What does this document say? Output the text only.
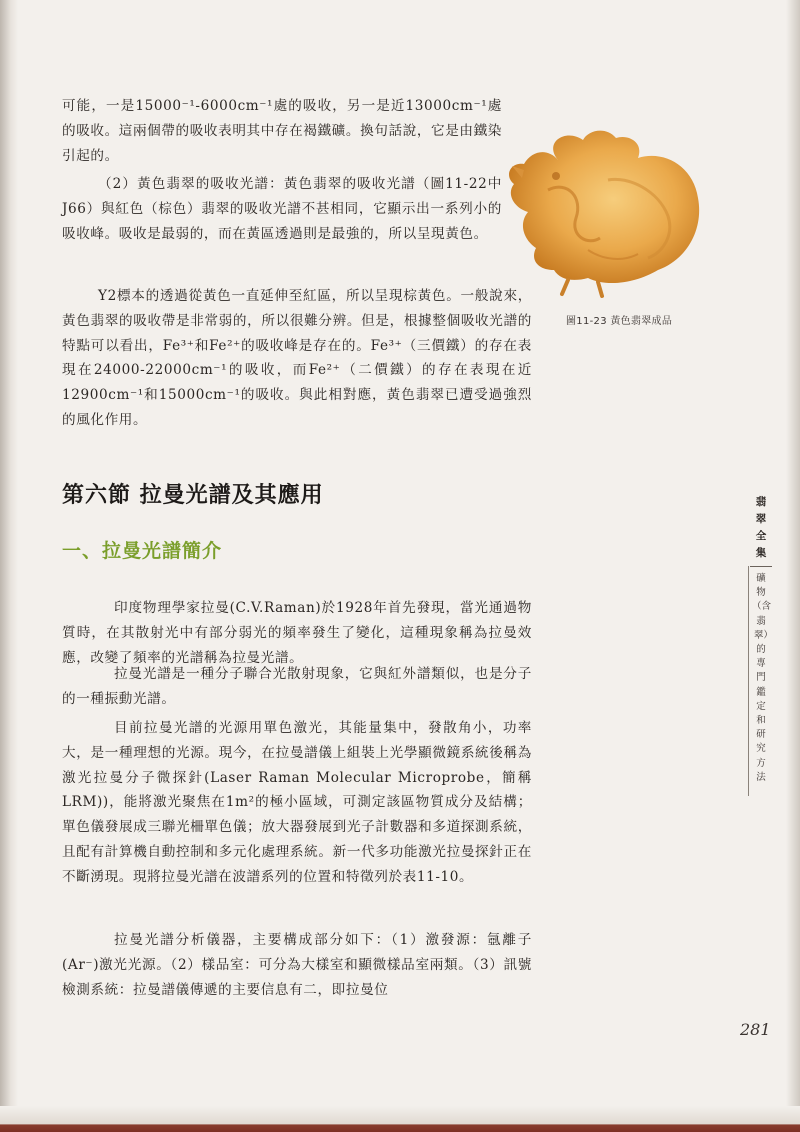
可能，一是15000⁻¹-6000cm⁻¹處的吸收，另一是近13000cm⁻¹處的吸收。這兩個帶的吸收表明其中存在褐鐵礦。換句話說，它是由鐵染引起的。

（2）黃色翡翠的吸收光譜：黃色翡翠的吸收光譜（圖11-22中J66）與紅色（棕色）翡翠的吸收光譜不甚相同，它顯示出一系列小的吸收峰。吸收是最弱的，而在黃區透過則是最強的，所以呈現黃色。

Y2標本的透過從黃色一直延伸至紅區，所以呈現棕黃色。一般說來，黃色翡翠的吸收帶是非常弱的，所以很難分辨。但是，根據整個吸收光譜的特點可以看出，Fe³⁺和Fe²⁺的吸收峰是存在的。Fe³⁺（三價鐵）的存在表現在24000-22000cm⁻¹的吸收，而Fe²⁺（二價鐵）的存在表現在近12900cm⁻¹和15000cm⁻¹的吸收。與此相對應，黃色翡翠已遭受過強烈的風化作用。

圖11-23 黃色翡翠成品

第六節 拉曼光譜及其應用
一、拉曼光譜簡介

印度物理學家拉曼(C.V.Raman)於1928年首先發現，當光通過物質時，在其散射光中有部分弱光的頻率發生了變化，這種現象稱為拉曼效應，改變了頻率的光譜稱為拉曼光譜。

拉曼光譜是一種分子聯合光散射現象，它與紅外譜類似，也是分子的一種振動光譜。

目前拉曼光譜的光源用單色激光，其能量集中，發散角小，功率大，是一種理想的光源。現今，在拉曼譜儀上組裝上光學顯微鏡系統後稱為激光拉曼分子微探針(Laser Raman Molecular Microprobe，簡稱LRM))，能將激光聚焦在1m²的極小區域，可測定該區物質成分及結構；單色儀發展成三聯光柵單色儀；放大器發展到光子計數器和多道探測系統，且配有計算機自動控制和多元化處理系統。新一代多功能激光拉曼探針正在不斷湧現。現將拉曼光譜在波譜系列的位置和特徵列於表11-10。

拉曼光譜分析儀器，主要構成部分如下：（1）激發源：氬離子(Ar⁻)激光光源。（2）樣品室：可分為大樣室和顯微樣品室兩類。（3）訊號檢測系統：拉曼譜儀傳遞的主要信息有二，即拉曼位

翡翠全集

礦物（含翡翠）的專門鑑定和研究方法

281
